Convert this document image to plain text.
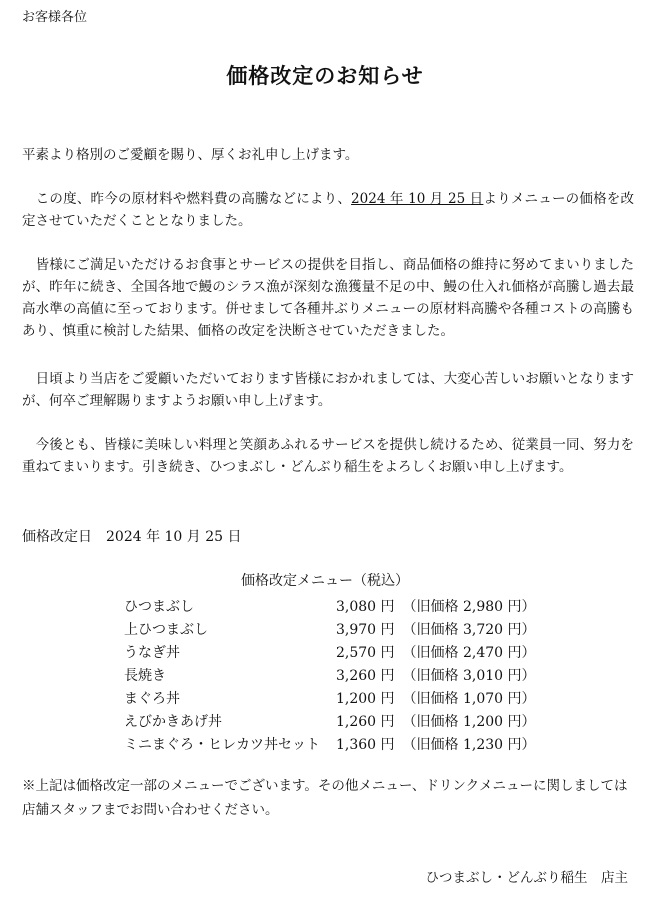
お客様各位
価格改定のお知らせ

平素より格別のご愛顧を賜り、厚くお礼申し上げます。

この度、昨今の原材料や燃料費の高騰などにより、2024 年 10 月 25 日よりメニューの価格を改定させていただくこととなりました。

皆様にご満足いただけるお食事とサービスの提供を目指し、商品価格の維持に努めてまいりましたが、昨年に続き、全国各地で鰻のシラス漁が深刻な漁獲量不足の中、鰻の仕入れ価格が高騰し過去最高水準の高値に至っております。併せまして各種丼ぶりメニューの原材料高騰や各種コストの高騰もあり、慎重に検討した結果、価格の改定を決断させていただきました。

日頃より当店をご愛顧いただいております皆様におかれましては、大変心苦しいお願いとなりますが、何卒ご理解賜りますようお願い申し上げます。

今後とも、皆様に美味しい料理と笑顔あふれるサービスを提供し続けるため、従業員一同、努力を重ねてまいります。引き続き、ひつまぶし・どんぶり稲生をよろしくお願い申し上げます。

価格改定日 2024 年 10 月 25 日
価格改定メニュー（税込）
ひつまぶし	3,080 円	（旧価格 2,980 円）
上ひつまぶし	3,970 円	（旧価格 3,720 円）
うなぎ丼	2,570 円	（旧価格 2,470 円）
長焼き	3,260 円	（旧価格 3,010 円）
まぐろ丼	1,200 円	（旧価格 1,070 円）
えびかきあげ丼	1,260 円	（旧価格 1,200 円）
ミニまぐろ・ヒレカツ丼セット	1,360 円	（旧価格 1,230 円）

※上記は価格改定一部のメニューでございます。その他メニュー、ドリンクメニューに関しましては店舗スタッフまでお問い合わせください。

ひつまぶし・どんぶり稲生　店主
